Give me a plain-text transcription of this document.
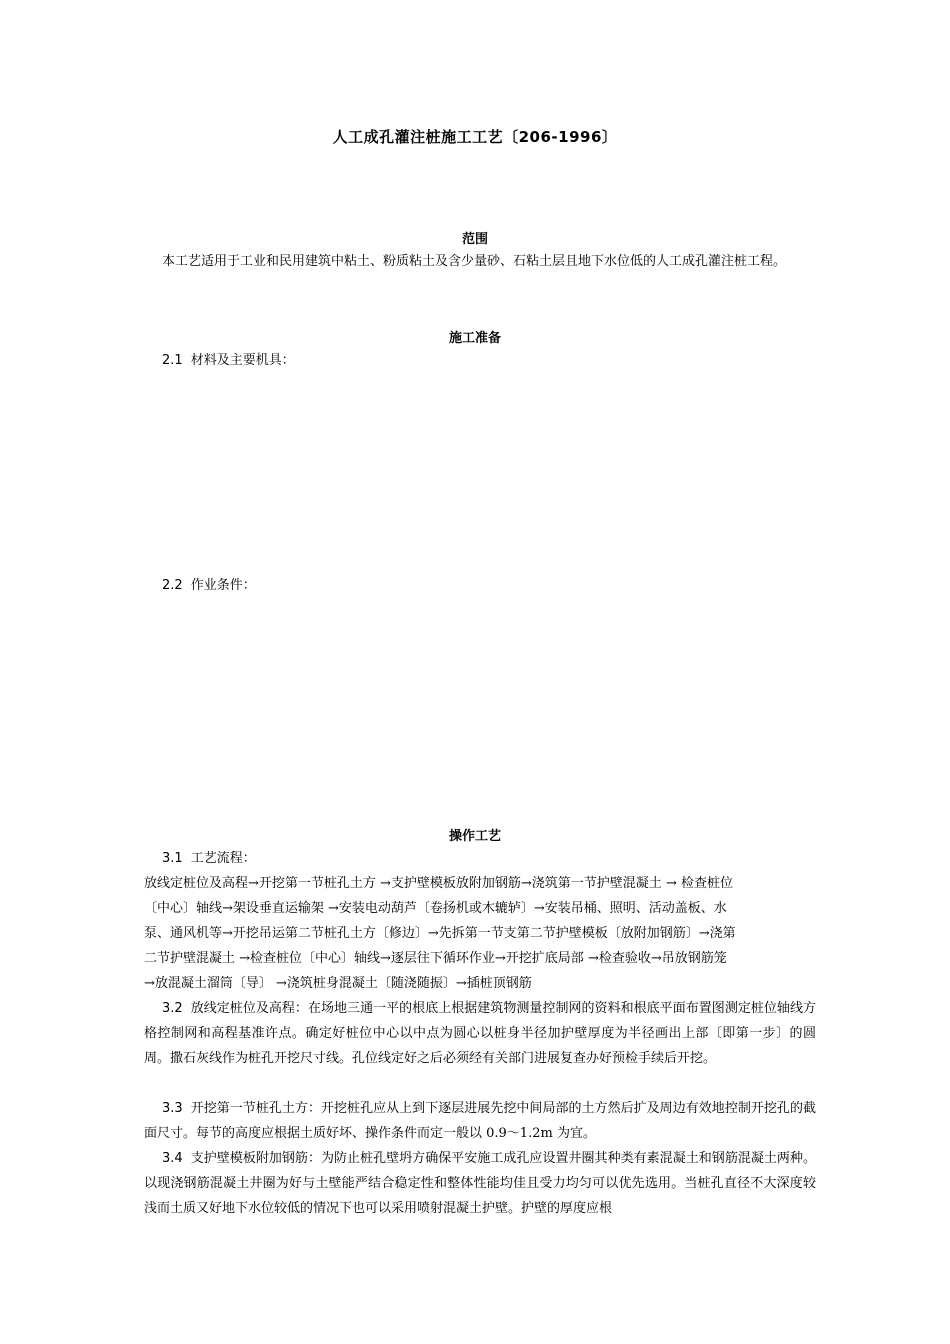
人工成孔灌注桩施工工艺〔206-1996〕
范围
本工艺适用于工业和民用建筑中粘土、粉质粘土及含少量砂、石粘土层且地下水位低的人工成孔灌注桩工程。
施工准备
2.1 材料及主要机具：
2.2 作业条件：
操作工艺
3.1 工艺流程：
放线定桩位及高程→开挖第一节桩孔土方 →支护壁模板放附加钢筋→浇筑第一节护壁混凝土 → 检查桩位
〔中心〕轴线→架设垂直运输架 →安装电动葫芦〔卷扬机或木辘轳〕→安装吊桶、照明、活动盖板、水
泵、通风机等→开挖吊运第二节桩孔土方〔修边〕→先拆第一节支第二节护壁模板〔放附加钢筋〕→浇第
二节护壁混凝土 →检查桩位〔中心〕轴线→逐层往下循环作业→开挖扩底局部 →检查验收→吊放钢筋笼
→放混凝土溜筒〔导〕 →浇筑桩身混凝土〔随浇随振〕→插桩顶钢筋
3.2 放线定桩位及高程：在场地三通一平的根底上根据建筑物测量控制网的资料和根底平面布置图测定桩位轴线方格控制网和高程基准许点。确定好桩位中心以中点为圆心以桩身半径加护壁厚度为半径画出上部〔即第一步〕的圆周。撒石灰线作为桩孔开挖尺寸线。孔位线定好之后必须经有关部门进展复查办好预检手续后开挖。
3.3 开挖第一节桩孔土方：开挖桩孔应从上到下逐层进展先挖中间局部的土方然后扩及周边有效地控制开挖孔的截面尺寸。每节的高度应根据土质好坏、操作条件而定一般以 0.9～1.2m 为宜。
3.4 支护壁模板附加钢筋：为防止桩孔壁坍方确保平安施工成孔应设置井圈其种类有素混凝土和钢筋混凝土两种。以现浇钢筋混凝土井圈为好与土壁能严结合稳定性和整体性能均佳且受力均匀可以优先选用。当桩孔直径不大深度较浅而土质又好地下水位较低的情况下也可以采用喷射混凝土护壁。护壁的厚度应根
